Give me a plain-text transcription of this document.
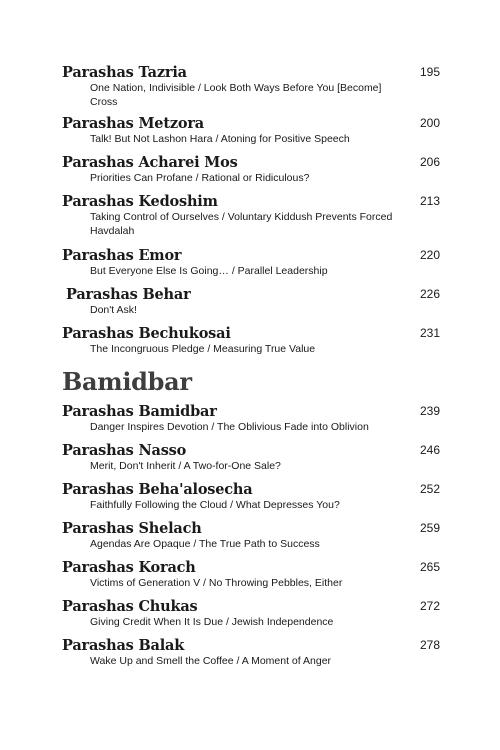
Parashas Tazria	195
One Nation, Indivisible / Look Both Ways Before You [Become] Cross
Parashas Metzora	200
Talk! But Not Lashon Hara / Atoning for Positive Speech
Parashas Acharei Mos	206
Priorities Can Profane / Rational or Ridiculous?
Parashas Kedoshim	213
Taking Control of Ourselves / Voluntary Kiddush Prevents Forced Havdalah
Parashas Emor	220
But Everyone Else Is Going… / Parallel Leadership
Parashas Behar	226
Don't Ask!
Parashas Bechukosai	231
The Incongruous Pledge / Measuring True Value
Bamidbar
Parashas Bamidbar	239
Danger Inspires Devotion / The Oblivious Fade into Oblivion
Parashas Nasso	246
Merit, Don't Inherit / A Two-for-One Sale?
Parashas Beha'alosecha	252
Faithfully Following the Cloud / What Depresses You?
Parashas Shelach	259
Agendas Are Opaque / The True Path to Success
Parashas Korach	265
Victims of Generation V / No Throwing Pebbles, Either
Parashas Chukas	272
Giving Credit When It Is Due / Jewish Independence
Parashas Balak	278
Wake Up and Smell the Coffee / A Moment of Anger
